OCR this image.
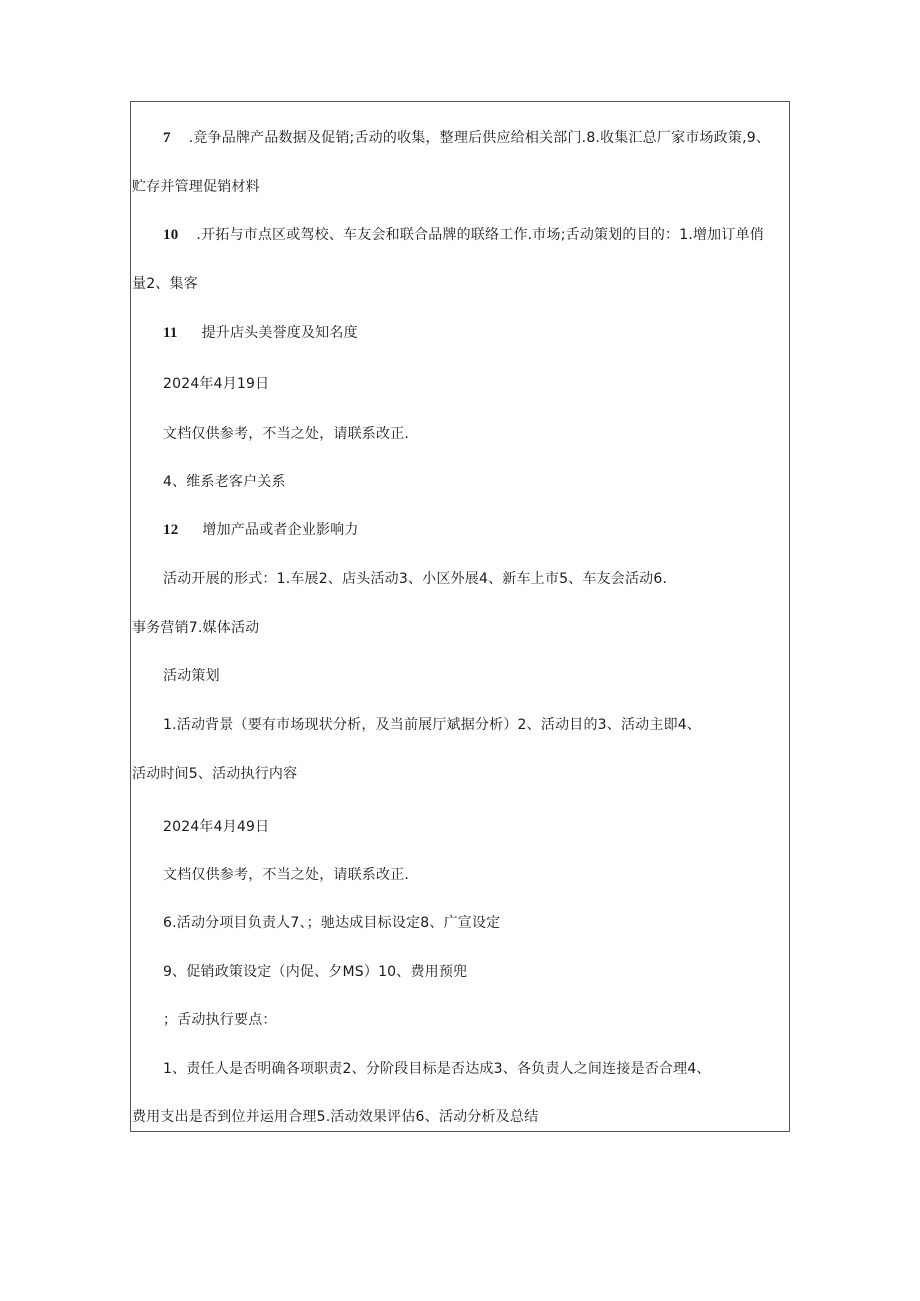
7 .竞争品牌产品数据及促销;舌动的收集，整理后供应给相关部门.8.收集汇总厂家市场政策,9、
贮存并管理促销材料
10 .开拓与市点区或驾校、车友会和联合品牌的联络工作.市场;舌动策划的目的：1.增加订单俏
量2、集客
11 提升店头美誉度及知名度
2024年4月19日
文档仅供参考，不当之处，请联系改正.
4、维系老客户关系
12 增加产品或者企业影响力
活动开展的形式：1.车展2、店头活动3、小区外展4、新车上市5、车友会活动6.
事务营销7.媒体活动
活动策划
1.活动背景（要有市场现状分析，及当前展厅斌据分析）2、活动目的3、活动主即4、
活动时间5、活动执行内容
2024年4月49日
文档仅供参考，不当之处，请联系改正.
6.活动分项目负责人7、；驰达成目标设定8、广宣设定
9、促销政策设定（内促、夕MS）10、费用预兜
；舌动执行要点：
1、责任人是否明确各项职责2、分阶段目标是否达成3、各负责人之间连接是否合理4、
费用支出是否到位并运用合理5.活动效果评估6、活动分析及总结
